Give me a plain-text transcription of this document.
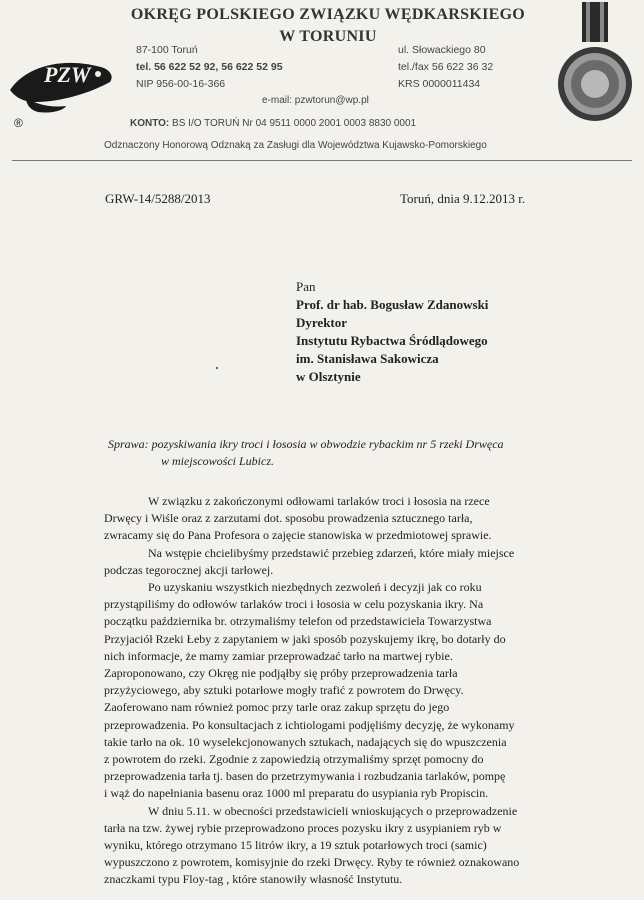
PZW
®
OKRĘG POLSKIEGO ZWIĄZKU WĘDKARSKIEGO
W TORUNIU
87-100 Toruń
tel. 56 622 52 92, 56 622 52 95
NIP 956-00-16-366
ul. Słowackiego 80
tel./fax 56 622 36 32
KRS 0000011434
e-mail: pzwtorun@wp.pl
KONTO: BS I/O TORUŃ Nr 04 9511 0000 2001 0003 8830 0001
Odznaczony Honorową Odznaką za Zasługi dla Województwa Kujawsko-Pomorskiego
GRW-14/5288/2013	Toruń, dnia 9.12.2013 r.
Pan
Prof. dr hab. Bogusław Zdanowski
Dyrektor
Instytutu Rybactwa Śródlądowego
im. Stanisława Sakowicza
w Olsztynie
Sprawa: pozyskiwania ikry troci i łososia w obwodzie rybackim nr 5 rzeki Drwęca
w miejscowości Lubicz.
W związku z zakończonymi odłowami tarlaków troci i łososia na rzece
Drwęcy i Wiśle oraz z zarzutami dot. sposobu prowadzenia sztucznego tarła,
zwracamy się do Pana Profesora o zajęcie stanowiska w przedmiotowej sprawie.
Na wstępie chcielibyśmy przedstawić przebieg zdarzeń, które miały miejsce
podczas tegorocznej akcji tarłowej.
Po uzyskaniu wszystkich niezbędnych zezwoleń i decyzji jak co roku
przystąpiliśmy do odłowów tarlaków troci i łososia w celu pozyskania ikry. Na
początku października br. otrzymaliśmy telefon od przedstawiciela Towarzystwa
Przyjaciół Rzeki Łeby z zapytaniem w jaki sposób pozyskujemy ikrę, bo dotarły do
nich informacje, że mamy zamiar przeprowadzać tarło na martwej rybie.
Zaproponowano, czy Okręg nie podjąłby się próby przeprowadzenia tarła
przyżyciowego, aby sztuki potarłowe mogły trafić z powrotem do Drwęcy.
Zaoferowano nam również pomoc przy tarle oraz zakup sprzętu do jego
przeprowadzenia. Po konsultacjach z ichtiologami podjęliśmy decyzję, że wykonamy
takie tarło na ok. 10 wyselekcjonowanych sztukach, nadających się do wpuszczenia
z powrotem do rzeki. Zgodnie z zapowiedzią otrzymaliśmy sprzęt pomocny do
przeprowadzenia tarła tj. basen do przetrzymywania i rozbudzania tarlaków, pompę
i wąż do napełniania basenu oraz 1000 ml preparatu do usypiania ryb Propiscin.
W dniu 5.11. w obecności przedstawicieli wnioskujących o przeprowadzenie
tarła na tzw. żywej rybie przeprowadzono proces pozysku ikry z usypianiem ryb w
wyniku, którego otrzymano 15 litrów ikry, a 19 sztuk potarłowych troci (samic)
wypuszczono z powrotem, komisyjnie do rzeki Drwęcy. Ryby te również oznakowano
znaczkami typu Floy-tag , które stanowiły własność Instytutu.
